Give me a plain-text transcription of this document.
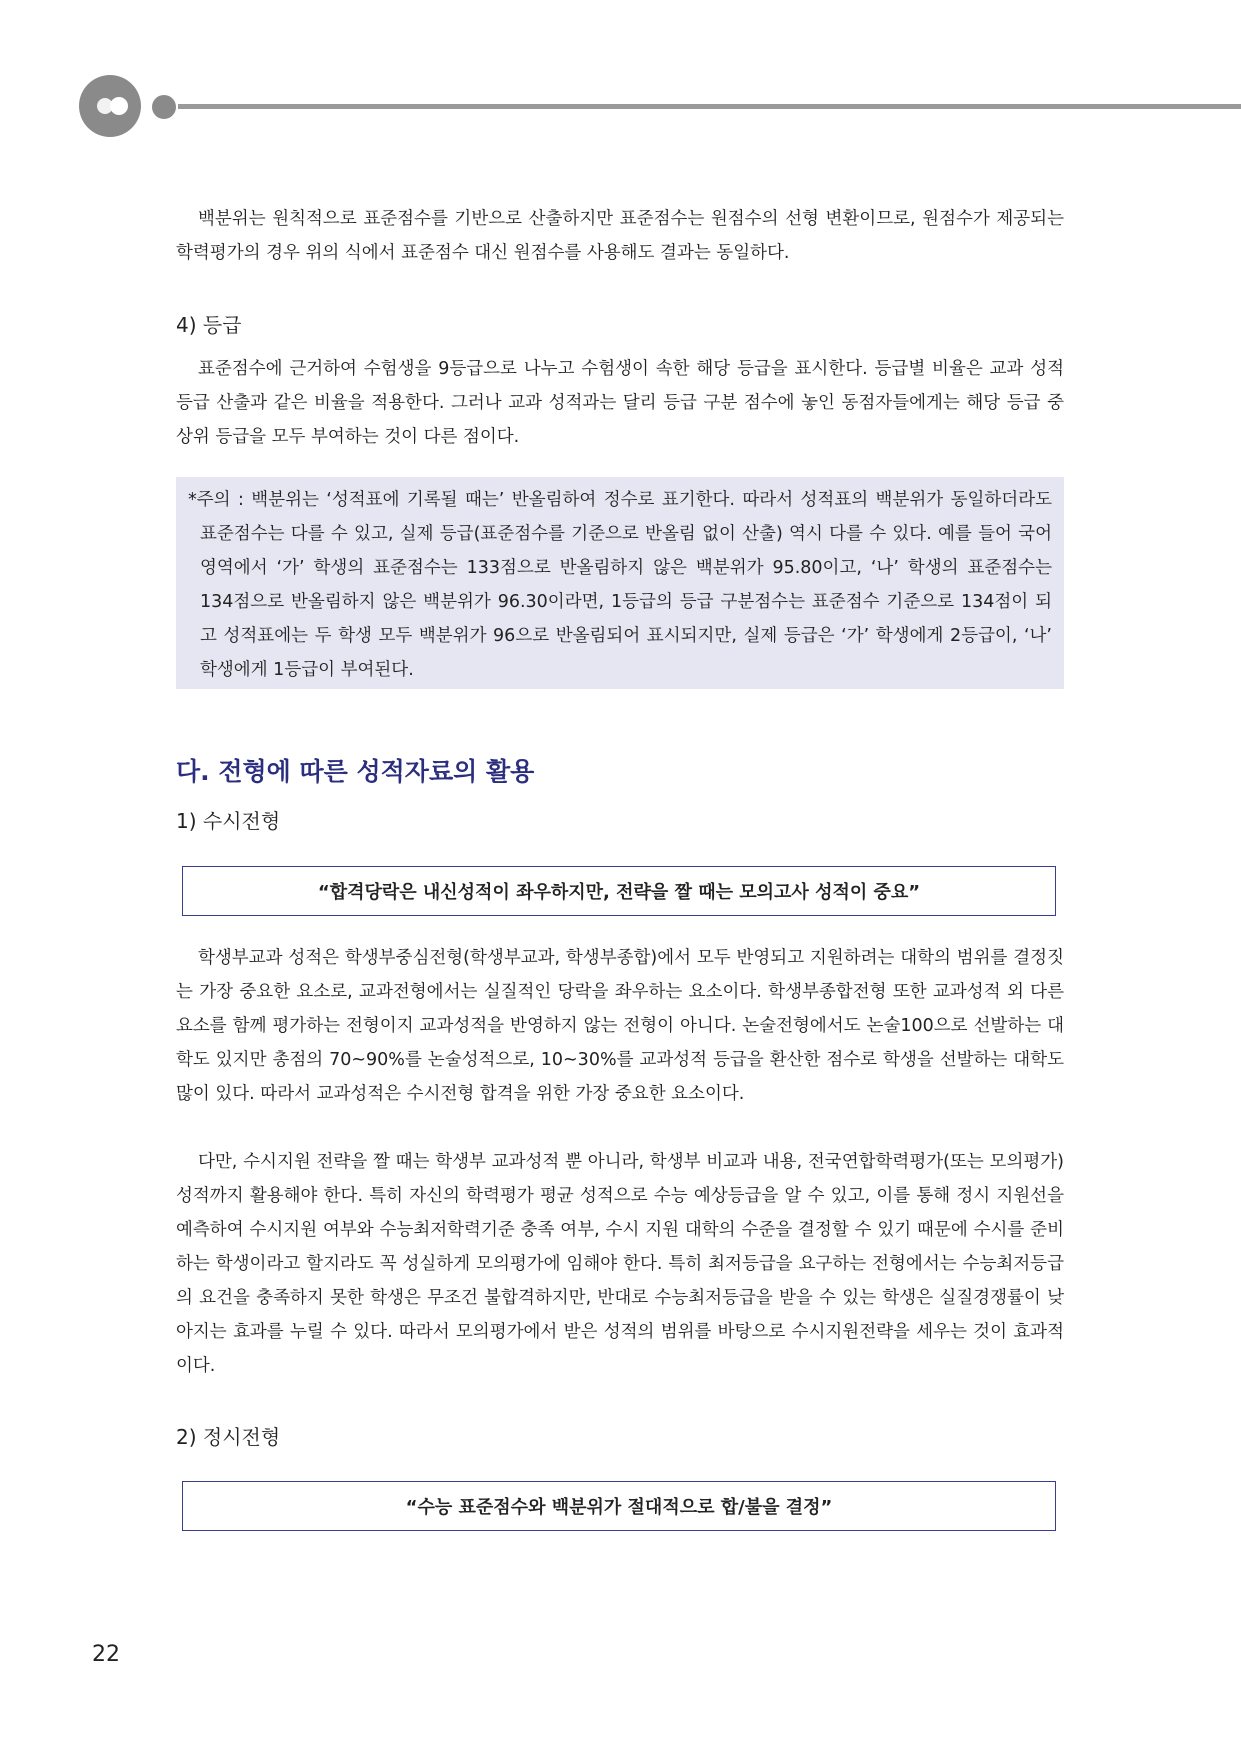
백분위는 원칙적으로 표준점수를 기반으로 산출하지만 표준점수는 원점수의 선형 변환이므로, 원점수가 제공되는 학력평가의 경우 위의 식에서 표준점수 대신 원점수를 사용해도 결과는 동일하다.

4) 등급

표준점수에 근거하여 수험생을 9등급으로 나누고 수험생이 속한 해당 등급을 표시한다. 등급별 비율은 교과 성적등급 산출과 같은 비율을 적용한다. 그러나 교과 성적과는 달리 등급 구분 점수에 놓인 동점자들에게는 해당 등급 중 상위 등급을 모두 부여하는 것이 다른 점이다.

*주의 : 백분위는 ‘성적표에 기록될 때는’ 반올림하여 정수로 표기한다. 따라서 성적표의 백분위가 동일하더라도 표준점수는 다를 수 있고, 실제 등급(표준점수를 기준으로 반올림 없이 산출) 역시 다를 수 있다. 예를 들어 국어영역에서 ‘가’ 학생의 표준점수는 133점으로 반올림하지 않은 백분위가 95.80이고, ‘나’ 학생의 표준점수는 134점으로 반올림하지 않은 백분위가 96.30이라면, 1등급의 등급 구분점수는 표준점수 기준으로 134점이 되고 성적표에는 두 학생 모두 백분위가 96으로 반올림되어 표시되지만, 실제 등급은 ‘가’ 학생에게 2등급이, ‘나’ 학생에게 1등급이 부여된다.

다. 전형에 따른 성적자료의 활용
1) 수시전형
“합격당락은 내신성적이 좌우하지만, 전략을 짤 때는 모의고사 성적이 중요”

학생부교과 성적은 학생부중심전형(학생부교과, 학생부종합)에서 모두 반영되고 지원하려는 대학의 범위를 결정짓는 가장 중요한 요소로, 교과전형에서는 실질적인 당락을 좌우하는 요소이다. 학생부종합전형 또한 교과성적 외 다른 요소를 함께 평가하는 전형이지 교과성적을 반영하지 않는 전형이 아니다. 논술전형에서도 논술100으로 선발하는 대학도 있지만 총점의 70~90%를 논술성적으로, 10~30%를 교과성적 등급을 환산한 점수로 학생을 선발하는 대학도 많이 있다. 따라서 교과성적은 수시전형 합격을 위한 가장 중요한 요소이다.

다만, 수시지원 전략을 짤 때는 학생부 교과성적 뿐 아니라, 학생부 비교과 내용, 전국연합학력평가(또는 모의평가) 성적까지 활용해야 한다. 특히 자신의 학력평가 평균 성적으로 수능 예상등급을 알 수 있고, 이를 통해 정시 지원선을 예측하여 수시지원 여부와 수능최저학력기준 충족 여부, 수시 지원 대학의 수준을 결정할 수 있기 때문에 수시를 준비하는 학생이라고 할지라도 꼭 성실하게 모의평가에 임해야 한다. 특히 최저등급을 요구하는 전형에서는 수능최저등급의 요건을 충족하지 못한 학생은 무조건 불합격하지만, 반대로 수능최저등급을 받을 수 있는 학생은 실질경쟁률이 낮아지는 효과를 누릴 수 있다. 따라서 모의평가에서 받은 성적의 범위를 바탕으로 수시지원전략을 세우는 것이 효과적이다.

2) 정시전형
“수능 표준점수와 백분위가 절대적으로 합/불을 결정”

22
